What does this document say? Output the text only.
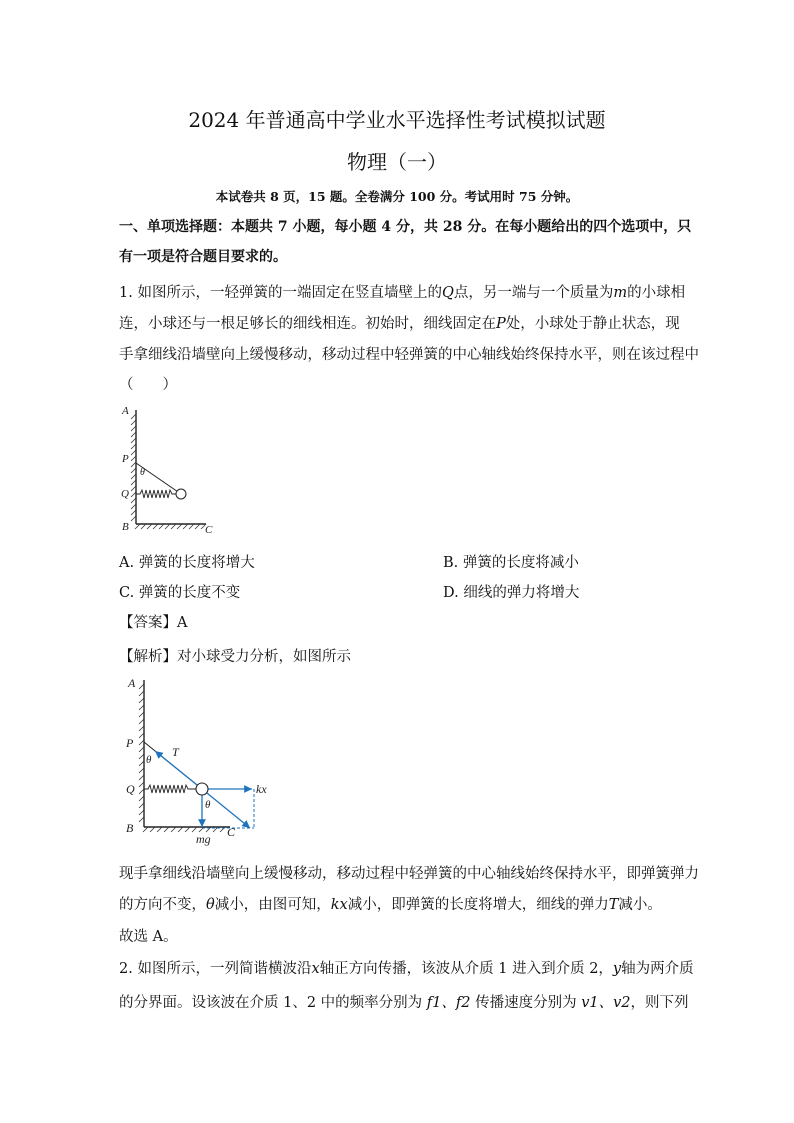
2024 年普通高中学业水平选择性考试模拟试题
物理（一）
本试卷共 8 页，15 题。全卷满分 100 分。考试用时 75 分钟。
一、单项选择题：本题共 7 小题，每小题 4 分，共 28 分。在每小题给出的四个选项中，只
有一项是符合题目要求的。
1. 如图所示，一轻弹簧的一端固定在竖直墙壁上的Q点，另一端与一个质量为m的小球相
连，小球还与一根足够长的细线相连。初始时，细线固定在P处，小球处于静止状态，现
手拿细线沿墙壁向上缓慢移动，移动过程中轻弹簧的中心轴线始终保持水平，则在该过程中
（　　）
A
P
θ
Q
B	C
A. 弹簧的长度将增大	B. 弹簧的长度将减小
C. 弹簧的长度不变	D. 细线的弹力将增大
【答案】A
【解析】对小球受力分析，如图所示
A
P
T
θ
Q
θ
kx
B
mg C
现手拿细线沿墙壁向上缓慢移动，移动过程中轻弹簧的中心轴线始终保持水平，即弹簧弹力
的方向不变，θ减小，由图可知，kx减小，即弹簧的长度将增大，细线的弹力T减小。
故选 A。
2. 如图所示，一列简谐横波沿x轴正方向传播，该波从介质 1 进入到介质 2，y轴为两介质
的分界面。设该波在介质 1、2 中的频率分别为 f1、f2 传播速度分别为 v1、v2，则下列
